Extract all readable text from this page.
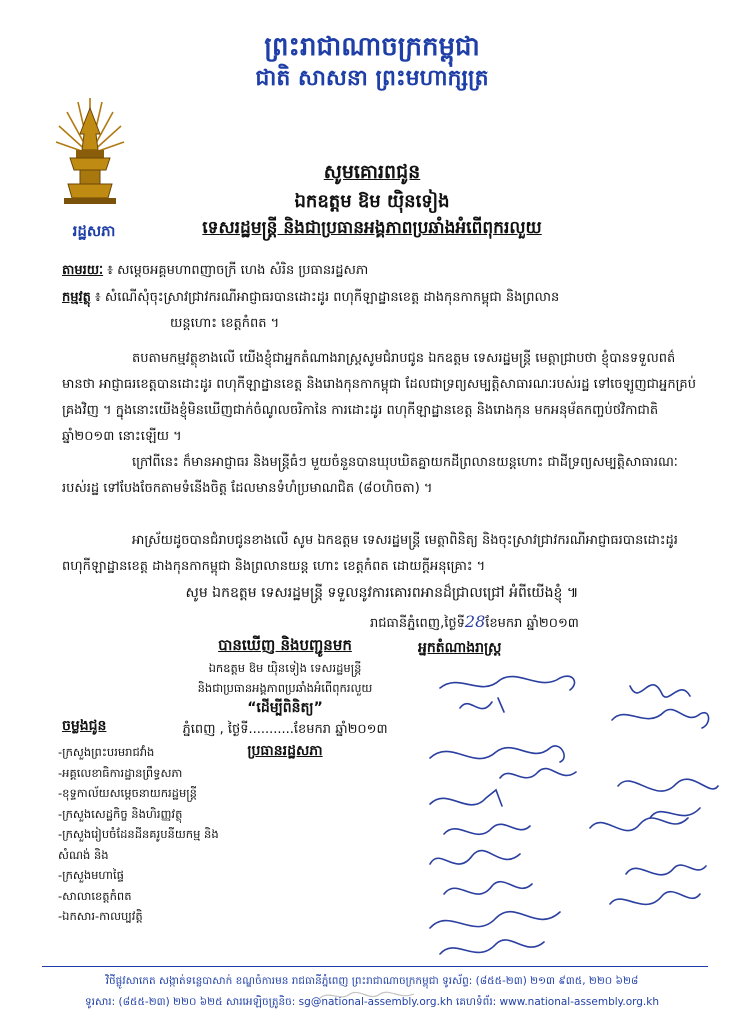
ព្រះរាជាណាចក្រកម្ពុជា
ជាតិ សាសនា ព្រះមហាក្សត្រ
រដ្ឋសភា
សូមគោរពជូន
ឯកឧត្តម ឱម យ៉ិនទៀង
ទេសរដ្ឋមន្ត្រី និងជាប្រធានអង្គភាពប្រឆាំងអំពើពុករលួយ
តាមរយៈ ៖ សម្តេចអគ្គមហាពញាចក្រី ហេង សំរិន ប្រធានរដ្ឋសភា
កម្មវត្ថុ ៖ សំណើសុំចុះស្រាវជ្រាវករណីអាជ្ញាធរបានដោះដូរ ពហុកីឡាដ្ឋានខេត្ត ដាងកុនកាកម្ពុជា និងព្រលាន
យន្តហោះ ខេត្តកំពត ។
តបតាមកម្មវត្ថុខាងលើ យើងខ្ញុំជាអ្នកតំណាងរាស្ត្រសូមជំរាបជូន ឯកឧត្តម ទេសរដ្ឋមន្ត្រី មេត្តាជ្រាបថា ខ្ញុំបានទទួលពត៌មានថា អាជ្ញាធរខេត្តបានដោះដូរ ពហុកីឡាដ្ឋានខេត្ត និងរោងកុនកាកម្ពុជា ដែលជាទ្រព្យសម្បត្តិសាធារណៈរបស់រដ្ឋ ទៅចេឡូញជាអ្នកគ្រប់គ្រងវិញ ។ ក្នុងនោះយើងខ្ញុំមិនឃើញជាក់ចំណូលចរិកានៃ ការដោះដូរ ពហុកីឡាដ្ឋានខេត្ត និងរោងកុន មកអនុម័តកញ្ចប់ថវិកាជាតិ ឆ្នាំ២០១៣ នោះឡើយ ។
ក្រៅពីនេះ ក៏មានអាជ្ញាធរ និងមន្ត្រីធំៗ មួយចំនួនបានឃុបឃិតគ្នាយកដីព្រលានយន្តហោះ ជាដីទ្រព្យសម្បត្តិសាធារណៈរបស់រដ្ឋ ទៅបែងចែកតាមទំនើងចិត្ត ដែលមានទំហំប្រមាណជិត (៨០ហិចតា) ។
អាស្រ័យដូចបានជំរាបជូនខាងលើ សូម ឯកឧត្តម ទេសរដ្ឋមន្ត្រី មេត្តាពិនិត្យ និងចុះស្រាវជ្រាវករណីអាជ្ញាធរបានដោះដូរ ពហុកីឡាដ្ឋានខេត្ត ដាងកុនកាកម្ពុជា និងព្រលានយន្ត ហោះ ខេត្តកំពត ដោយក្តីអនុគ្រោះ ។
សូម ឯកឧត្តម ទេសរដ្ឋមន្ត្រី ទទួលនូវការគោរពអានដ៏ជ្រាលជ្រៅ អំពីយើងខ្ញុំ ៕
រាជធានីភ្នំពេញ,ថ្ងៃទី28ខែមករា ឆ្នាំ២០១៣
អ្នកតំណាងរាស្ត្រ
បានឃើញ និងបញ្ជូនមក
ឯកឧត្តម ឱម យ៉ិនទៀង ទេសរដ្ឋមន្ត្រី
និងជាប្រធានអង្គភាពប្រឆាំងអំពើពុករលួយ
“ដើម្បីពិនិត្យ”
ភ្នំពេញ , ថ្ងៃទី...........ខែមករា ឆ្នាំ២០១៣
ប្រធានរដ្ឋសភា
ចម្លងជូន
-ក្រសួងព្រះបរមរាជវាំង
-អគ្គលេខាធិការដ្ឋានព្រឹទ្ធសភា
-ខុទ្ទកាល័យសម្តេចនាយករដ្ឋមន្ត្រី
-ក្រសួងសេដ្ឋកិច្ច និងហិរញ្ញវត្ថុ
-ក្រសួងរៀបចំដែនដីនគរូបនីយកម្ម និង
សំណង់ និង
-ក្រសួងមហាផ្ទៃ
-សាលាខេត្តកំពត
-ឯកសារ-កាលប្បវត្តិ
វិថីផ្លូវសាកេត សង្កាត់ទន្លេបាសាក់ ខណ្ឌចំការមន រាជធានីភ្នំពេញ ព្រះរាជាណាចក្រកម្ពុជា ទូរស័ព្ទ: (៨៥៥-២៣) ២១៣ ៩៣៥, ២២០ ៦២៨
ទូរសារ: (៨៥៥-២៣) ២២០ ៦២៥ សារអេឡិចត្រូនិច: sg@national-assembly.org.kh គេហទំព័រ: www.national-assembly.org.kh
